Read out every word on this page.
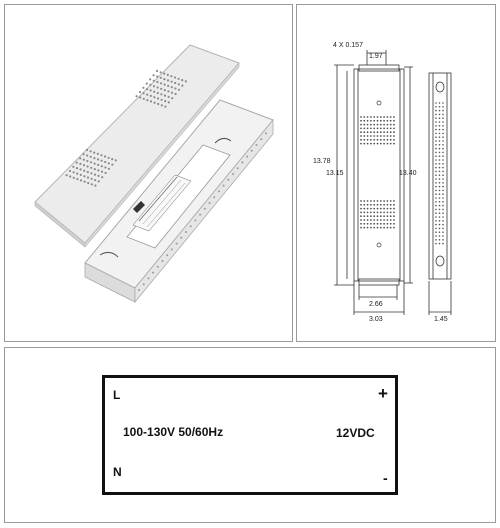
4 X 0.157
1.97
13.78
13.15	13.40
2.66
3.03	1.45
L
N
100-130V 50/60Hz	12VDC
+
-
